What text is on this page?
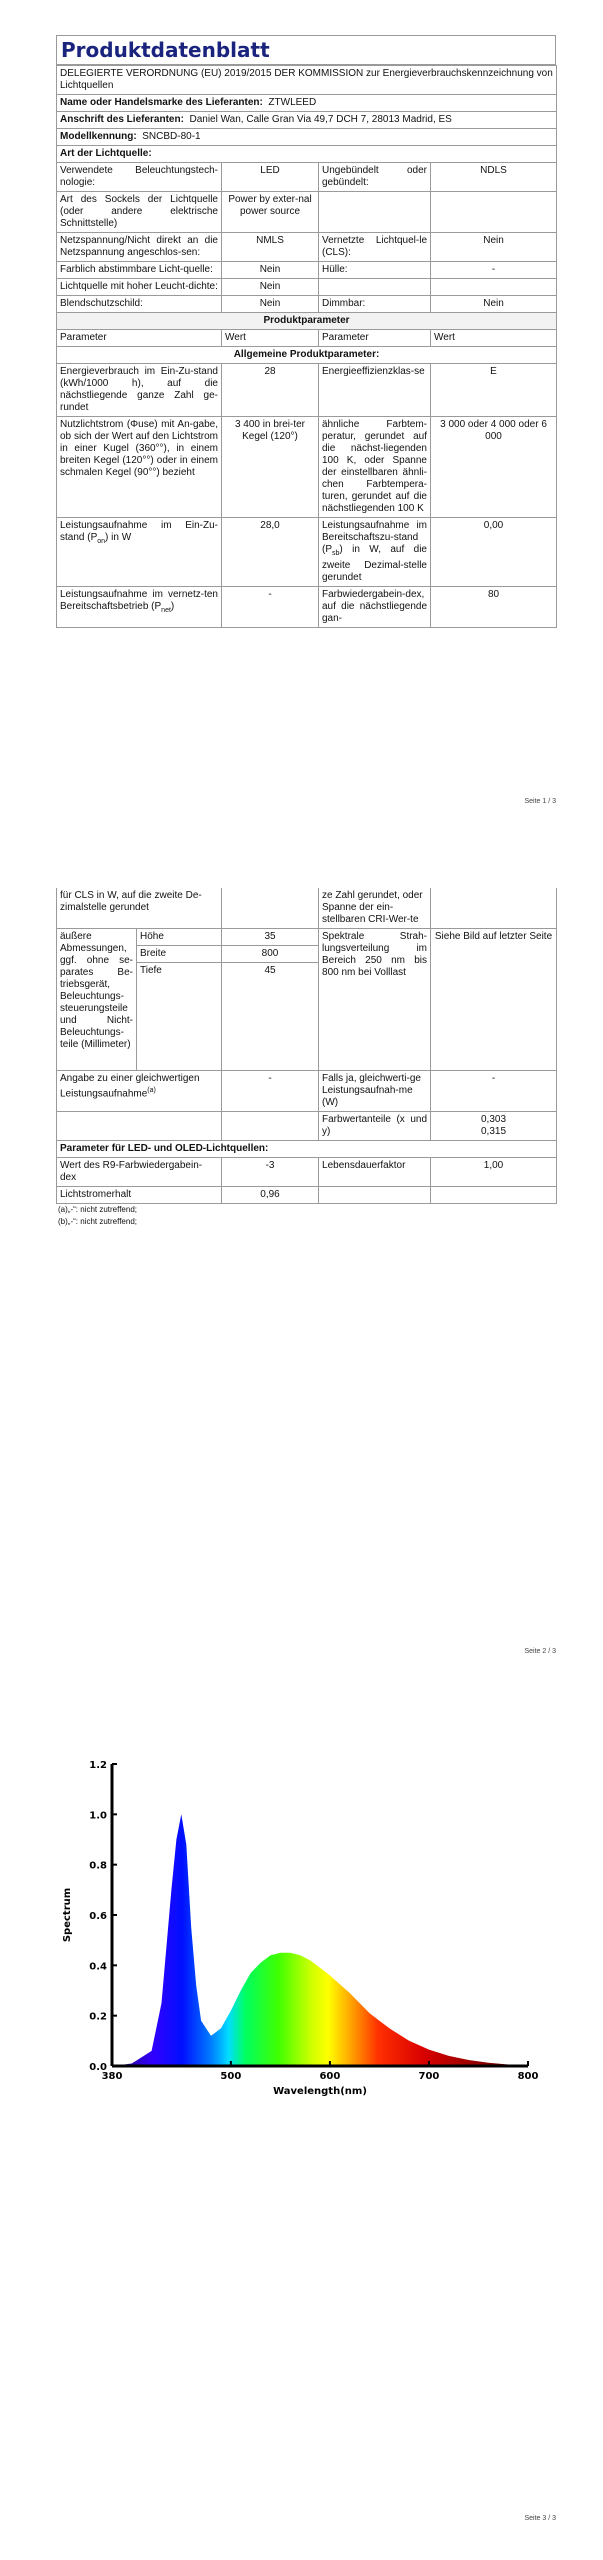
Produktdatenblatt
DELEGIERTE VERORDNUNG (EU) 2019/2015 DER KOMMISSION zur Energieverbrauchskennzeichnung von Lichtquellen			
Name oder Handelsmarke des Lieferanten: ZTWLEED			
Anschrift des Lieferanten: Daniel Wan, Calle Gran Via 49,7 DCH 7, 28013 Madrid, ES			
Modellkennung: SNCBD-80-1			
Art der Lichtquelle:			
Verwendete Beleuchtungstech-nologie:	LED	Ungebündelt oder gebündelt:	NDLS
Art des Sockels der Lichtquelle (oder andere elektrische Schnittstelle)	Power by exter-nal power source		
Netzspannung/Nicht direkt an die Netzspannung angeschlos-sen:	NMLS	Vernetzte Lichtquel-le (CLS):	Nein
Farblich abstimmbare Licht-quelle:	Nein	Hülle:	-
Lichtquelle mit hoher Leucht-dichte:	Nein		
Blendschutzschild:	Nein	Dimmbar:	Nein
Produktparameter			
Parameter	Wert	Parameter	Wert
Allgemeine Produktparameter:			
Energieverbrauch im Ein-Zu-stand (kWh/1000 h), auf die nächstliegende ganze Zahl ge-rundet	28	Energieeffizienzklas-se	E
Nutzlichtstrom (Φuse) mit An-gabe, ob sich der Wert auf den Lichtstrom in einer Kugel (360°°), in einem breiten Kegel (120°°) oder in einem schmalen Kegel (90°°) bezieht	3 400 in brei-ter Kegel (120°)	ähnliche Farbtem-peratur, gerundet auf die nächst-liegenden 100 K, oder Spanne der einstellbaren ähnli-chen Farbtempera-turen, gerundet auf die nächstliegenden 100 K	3 000 oder 4 000 oder 6 000
Leistungsaufnahme im Ein-Zu-stand $(P_{on})$ in W	28,0	Leistungsaufnahme im Bereitschaftszu-stand $(P_{sb})$ in W, auf die zweite Dezimal-stelle gerundet	0,00
Leistungsaufnahme im vernetz-ten Bereitschaftsbetrieb $(P_{net})$	-	Farbwiedergabein-dex, auf die nächstliegende gan-	80
Seite 1 / 3
für CLS in W, auf die zweite De-zimalstelle gerundet			ze Zahl gerundet, oder Spanne der ein-stellbaren CRI-Wer-te	
äußere Abmessungen, ggf. ohne se-parates Be-triebsgerät, Beleuchtungs-steuerungsteile und Nicht-Beleuchtungs-teile (Millimeter)	Höhe	35	Spektrale Strah-lungsverteilung im Bereich 250 nm bis 800 nm bei Volllast	Siehe Bild auf letzter Seite
	Breite	800		
	Tiefe	45		
Angabe zu einer gleichwertigen Leistungsaufnahme$^{(a)}$		-	Falls ja, gleichwerti-ge Leistungsaufnah-me (W)	-
			Farbwertanteile (x und y)	0,303
0,315
Parameter für LED- und OLED-Lichtquellen:				
Wert des R9-Farbwiedergabein-dex		-3	Lebensdauerfaktor	1,00
Lichtstromerhalt		0,96		
(a)„-“: nicht zutreffend;
(b)„-“: nicht zutreffend;
Seite 2 / 3
380	500	600	700	800
0.0
0.2
0.4
0.6
0.8
1.0
1.2
Wavelength(nm)
Spectrum
Seite 3 / 3
